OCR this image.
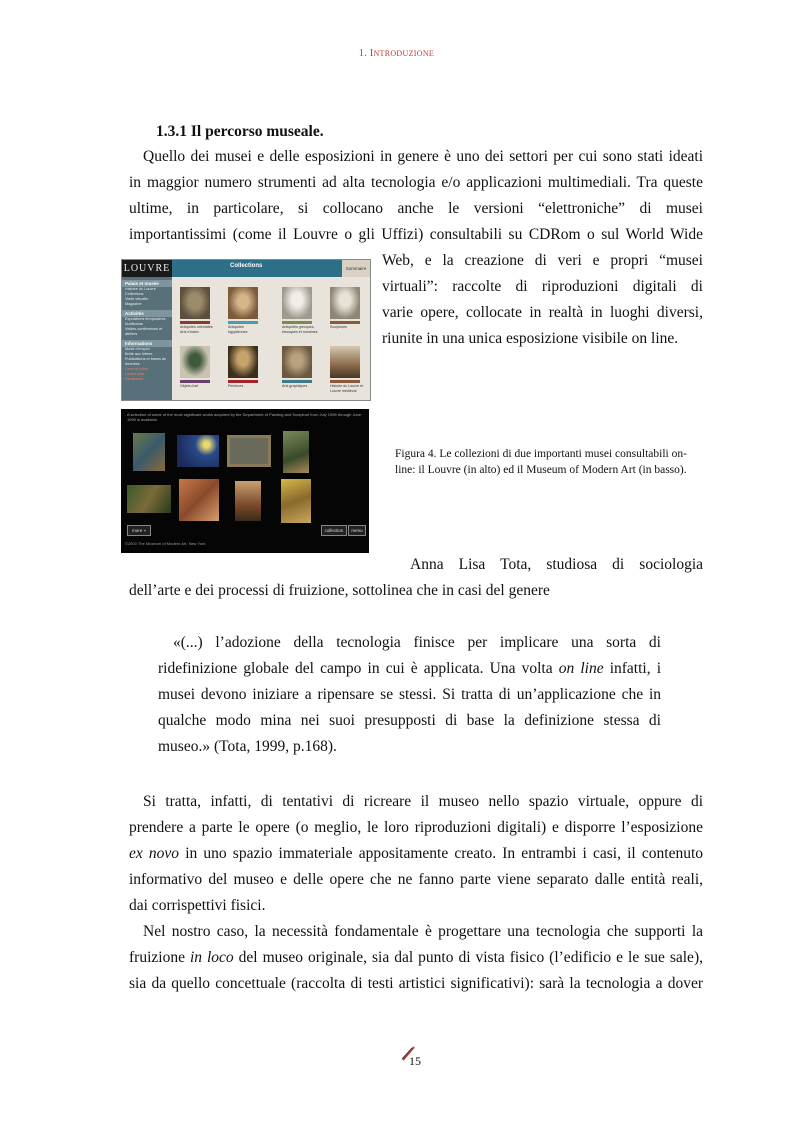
1. INTRODUZIONE
1.3.1 Il percorso museale.
Quello dei musei e delle esposizioni in genere è uno dei settori per cui sono stati ideati
in maggior numero strumenti ad alta tecnologia e/o applicazioni multimediali. Tra queste
ultime, in particolare, si collocano anche le versioni “elettroniche” di musei
importantissimi (come il Louvre o gli Uffizi) consultabili su CDRom o sul World Wide
Web, e la creazione di veri e propri “musei
virtuali”: raccolte di riproduzioni digitali di
varie opere, collocate in realtà in luoghi diversi,
riunite in una unica esposizione visibile on line.
LOUVRE	Collections	Sommaire
Palais et musée
Histoire du Louvre
Collections
Visite virtuelle
Magazine
Activités
Expositions temporaires
Auditorium
Visites-conférences et ateliers
Informations
Mode d'emploi
Boîte aux lettres
Publications et bases de données
Liens et Infos
Louvre.edu
Recherche
Antiquités orientales; Arts d'Islam
Antiquités égyptiennes
Antiquités grecques, étrusques et romaines
Sculptures
Objets d'art	Peintures	Arts graphiques	Histoire du Louvre et Louvre médiéval
A selection of some of the most significant works acquired by the Department of Painting and Sculpture from July 1996 through June 1999 is available.
more »	collection	menu
©2000 The Museum of Modern Art, New York
Figura 4. Le collezioni di due importanti musei consultabili on-line: il Louvre (in alto) ed il Museum of Modern Art (in basso).
Anna Lisa Tota, studiosa di sociologia
dell’arte e dei processi di fruizione, sottolinea che in casi del genere
«(...) l’adozione della tecnologia finisce per implicare una sorta di
ridefinizione globale del campo in cui è applicata. Una volta on line infatti, i
musei devono iniziare a ripensare se stessi. Si tratta di un’applicazione che in
qualche modo mina nei suoi presupposti di base la definizione stessa di
museo.» (Tota, 1999, p.168).
Si tratta, infatti, di tentativi di ricreare il museo nello spazio virtuale, oppure di
prendere a parte le opere (o meglio, le loro riproduzioni digitali) e disporre l’esposizione
ex novo in uno spazio immateriale appositamente creato. In entrambi i casi, il contenuto
informativo del museo e delle opere che ne fanno parte viene separato dalle entità reali,
dai corrispettivi fisici.
Nel nostro caso, la necessità fondamentale è progettare una tecnologia che supporti la
fruizione in loco del museo originale, sia dal punto di vista fisico (l’edificio e le sue sale),
sia da quello concettuale (raccolta di testi artistici significativi): sarà la tecnologia a dover
15
